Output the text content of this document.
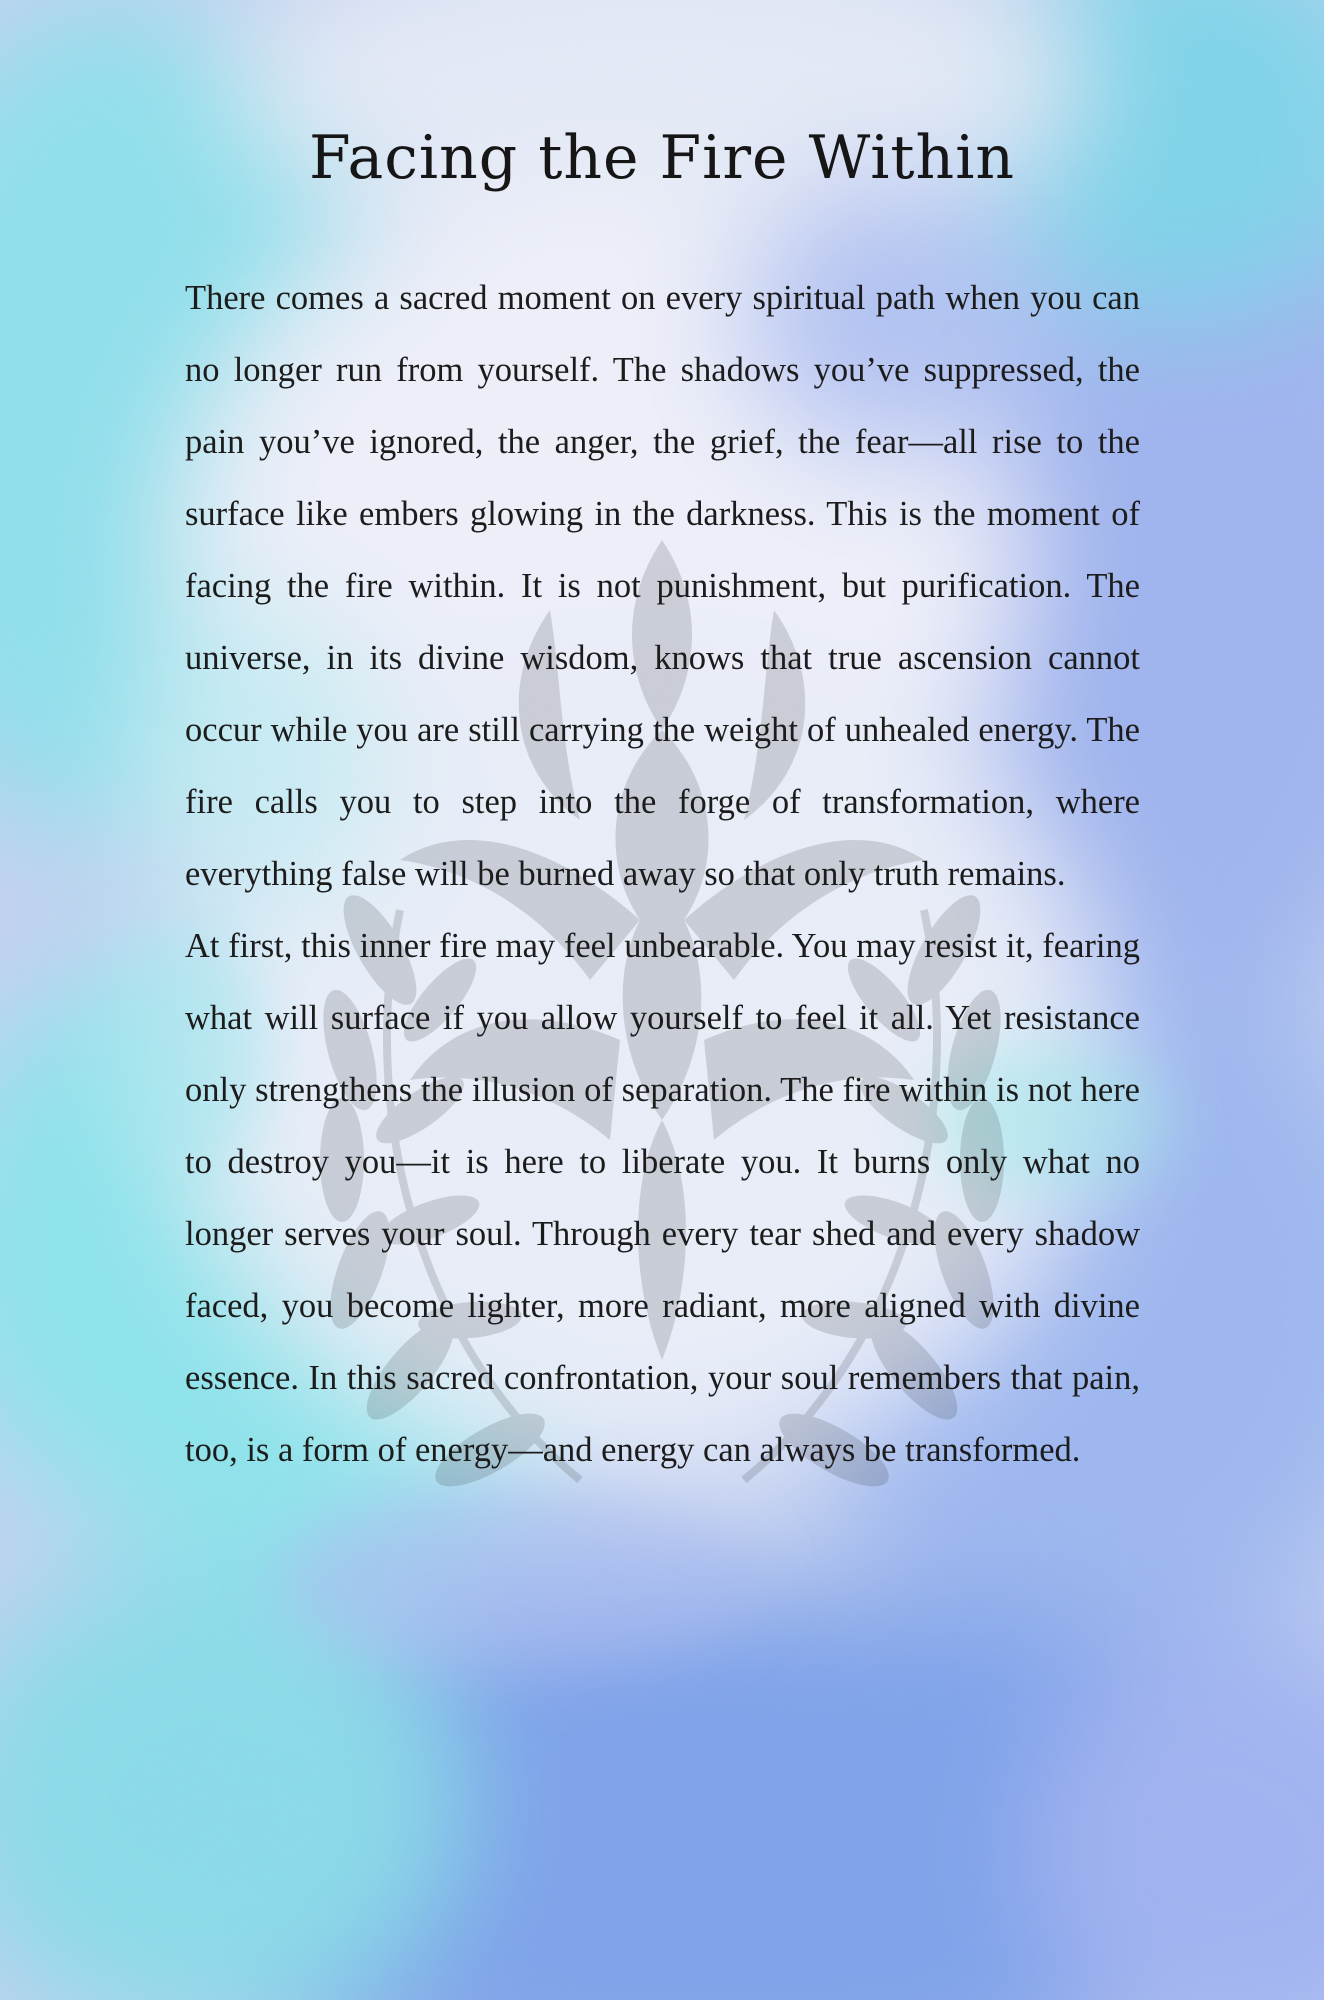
Facing the Fire Within

There comes a sacred moment on every spiritual path when you can no longer run from yourself. The shadows you’ve suppressed, the pain you’ve ignored, the anger, the grief, the fear—all rise to the surface like embers glowing in the darkness. This is the moment of facing the fire within. It is not punishment, but purification. The universe, in its divine wisdom, knows that true ascension cannot occur while you are still carrying the weight of unhealed energy. The fire calls you to step into the forge of transformation, where everything false will be burned away so that only truth remains.

At first, this inner fire may feel unbearable. You may resist it, fearing what will surface if you allow yourself to feel it all. Yet resistance only strengthens the illusion of separation. The fire within is not here to destroy you—it is here to liberate you. It burns only what no longer serves your soul. Through every tear shed and every shadow faced, you become lighter, more radiant, more aligned with divine essence. In this sacred confrontation, your soul remembers that pain, too, is a form of energy—and energy can always be transformed.
